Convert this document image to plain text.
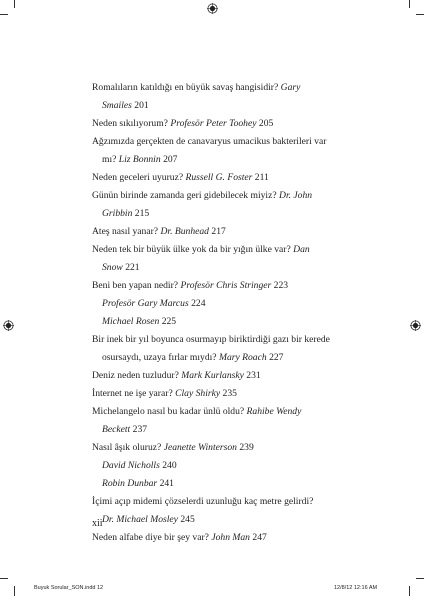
Romalıların katıldığı en büyük savaş hangisidir? Gary
Smailes 201
Neden sıkılıyorum? Profesör Peter Toohey 205
Ağzımızda gerçekten de canavaryus umacikus bakterileri var
mı? Liz Bonnin 207
Neden geceleri uyuruz? Russell G. Foster 211
Günün birinde zamanda geri gidebilecek miyiz? Dr. John
Gribbin 215
Ateş nasıl yanar? Dr. Bunhead 217
Neden tek bir büyük ülke yok da bir yığın ülke var? Dan
Snow 221
Beni ben yapan nedir? Profesör Chris Stringer 223
Profesör Gary Marcus 224
Michael Rosen 225
Bir inek bir yıl boyunca osurmayıp biriktirdiği gazı bir kerede
osursaydı, uzaya fırlar mıydı? Mary Roach 227
Deniz neden tuzludur? Mark Kurlansky 231
İnternet ne işe yarar? Clay Shirky 235
Michelangelo nasıl bu kadar ünlü oldu? Rahibe Wendy
Beckett 237
Nasıl âşık oluruz? Jeanette Winterson 239
David Nicholls 240
Robin Dunbar 241
İçimi açıp midemi çözselerdi uzunluğu kaç metre gelirdi?
Dr. Michael Mosley 245
Neden alfabe diye bir şey var? John Man 247
xii
Buyuk Sorular_SON.indd 12	12/8/12 12:16 AM
